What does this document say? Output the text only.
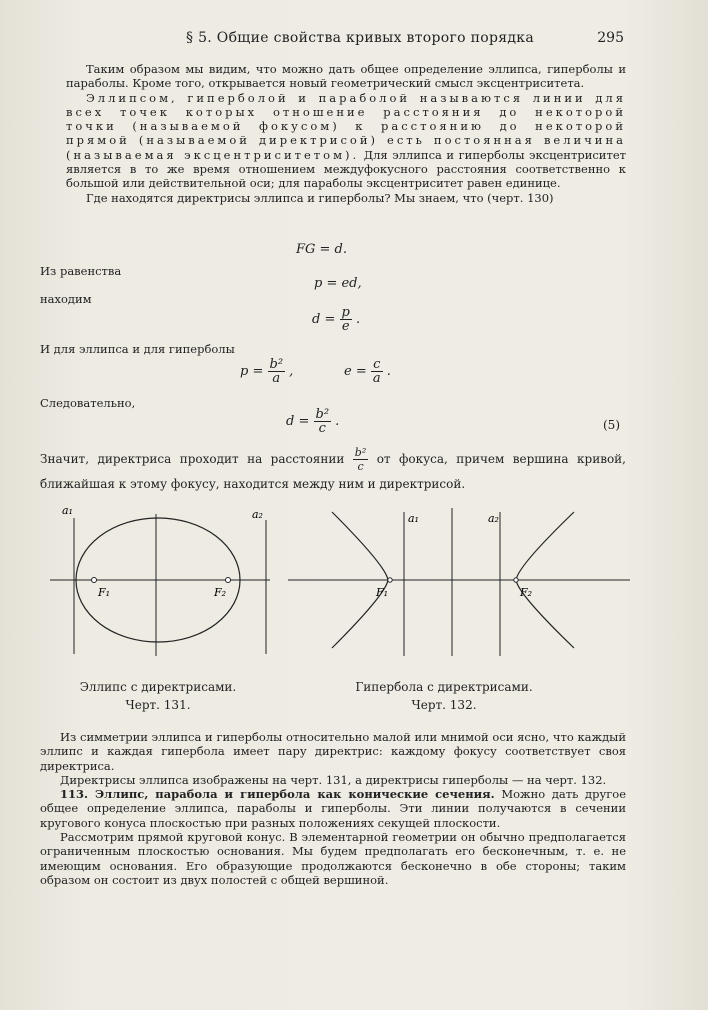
§ 5. Общие свойства кривых второго порядка	295

Таким образом мы видим, что можно дать общее определение эллипса, гиперболы и параболы. Кроме того, открывается новый геометрический смысл эксцентриситета.

Эллипсом, гиперболой и параболой называются линии для всех точек которых отношение расстояния до некоторой точки (называемой фокусом) к расстоянию до некоторой прямой (называемой директрисой) есть постоянная величина (называемая эксцентриситетом). Для эллипса и гиперболы эксцентриситет является в то же время отношением междуфокусного расстояния соответственно к большой или действительной оси; для параболы эксцентриситет равен единице.

Где находятся директрисы эллипса и гиперболы? Мы знаем, что (черт. 130)

FG = d.
Из равенства
p = ed,
находим
$d = \frac{p}{e}$ .
И для эллипса и для гиперболы
$p = \frac{\text{b²}}{a}$ ,	$e = \frac{c}{a}$ .
Следовательно,
$d = \frac{\text{b²}}{c}$ .	(5)
Значит, директриса проходит на расстоянии $\frac{\text{b²}}{c}$ от фокуса, причем вершина кривой, ближайшая к этому фокусу, находится между ним и директрисой.
a₁	a₂
F₁	F₂
a₁	a₂
F₁	F₂
Эллипс с директрисами.
Черт. 131.
Гипербола с директрисами.
Черт. 132.

Из симметрии эллипса и гиперболы относительно малой или мнимой оси ясно, что каждый эллипс и каждая гипербола имеет пару директрис: каждому фокусу соответствует своя директриса.

Директрисы эллипса изображены на черт. 131, а директрисы гиперболы — на черт. 132.

113. Эллипс, парабола и гипербола как конические сечения. Можно дать другое общее определение эллипса, параболы и гиперболы. Эти линии получаются в сечении кругового конуса плоскостью при разных положениях секущей плоскости.

Рассмотрим прямой круговой конус. В элементарной геометрии он обычно предполагается ограниченным плоскостью основания. Мы будем предполагать его бесконечным, т. е. не имеющим основания. Его образующие продолжаются бесконечно в обе стороны; таким образом он состоит из двух полостей с общей вершиной.
